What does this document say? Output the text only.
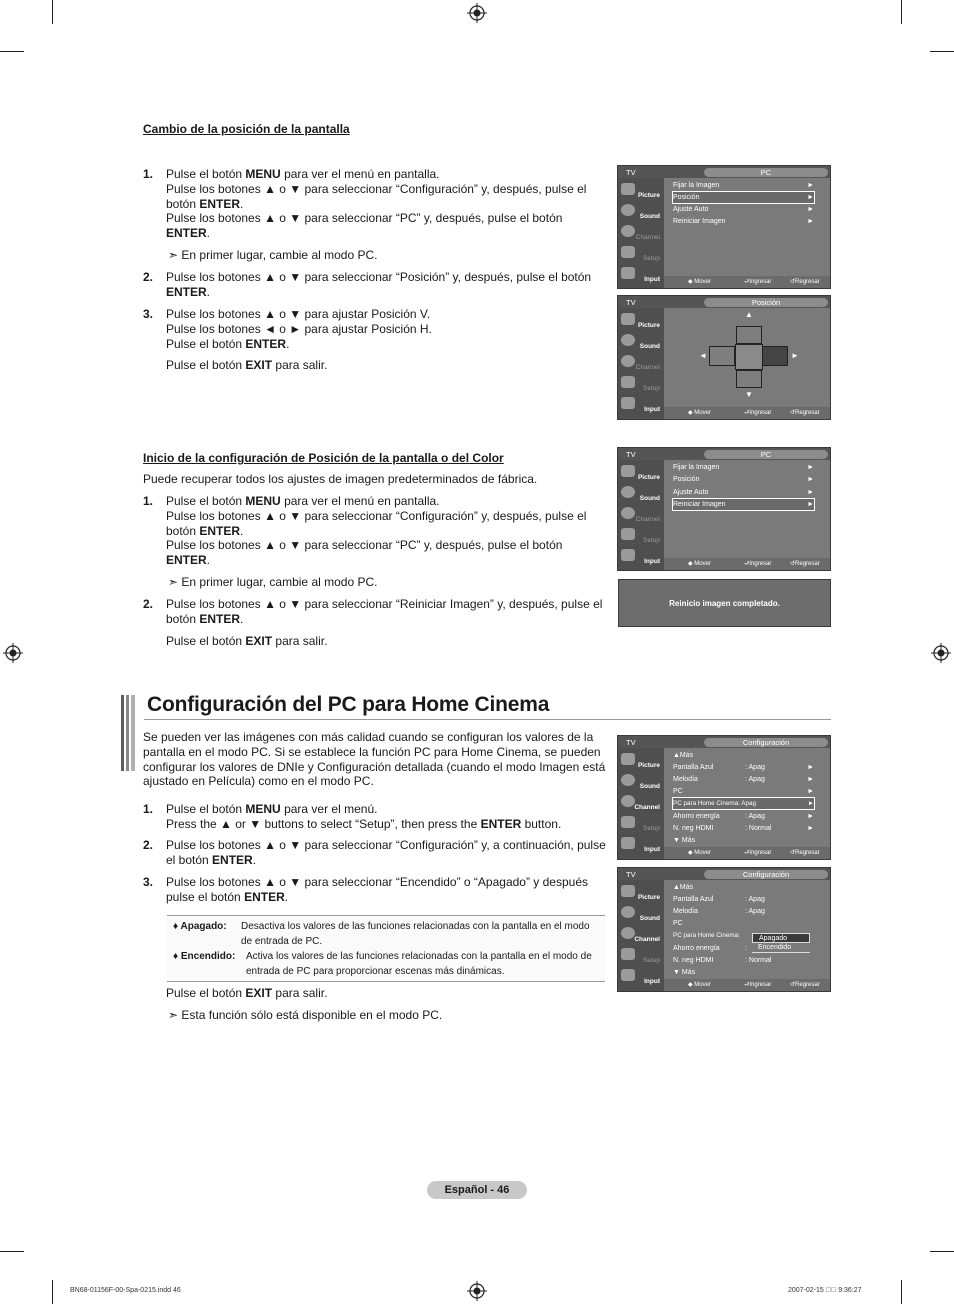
Cambio de la posición de la pantalla
1. Pulse el botón MENU para ver el menú en pantalla.
Pulse los botones ▲ o ▼ para seleccionar “Configuración” y, después, pulse el
botón ENTER.
Pulse los botones ▲ o ▼ para seleccionar “PC” y, después, pulse el botón
ENTER.
➣ En primer lugar, cambie al modo PC.
2. Pulse los botones ▲ o ▼ para seleccionar “Posición” y, después, pulse el botón
ENTER.
3. Pulse los botones ▲ o ▼ para ajustar Posición V.
Pulse los botones ◄ o ► para ajustar Posición H.
Pulse el botón ENTER.
Pulse el botón EXIT para salir.
Inicio de la configuración de Posición de la pantalla o del Color
Puede recuperar todos los ajustes de imagen predeterminados de fábrica.
1. Pulse el botón MENU para ver el menú en pantalla.
Pulse los botones ▲ o ▼ para seleccionar “Configuración” y, después, pulse el
botón ENTER.
Pulse los botones ▲ o ▼ para seleccionar “PC” y, después, pulse el botón
ENTER.
➣ En primer lugar, cambie al modo PC.
2. Pulse los botones ▲ o ▼ para seleccionar “Reiniciar Imagen” y, después, pulse el
botón ENTER.
Pulse el botón EXIT para salir.
Configuración del PC para Home Cinema
Se pueden ver las imágenes con más calidad cuando se configuran los valores de la
pantalla en el modo PC. Si se establece la función PC para Home Cinema, se pueden
configurar los valores de DNIe y Configuración detallada (cuando el modo Imagen está
ajustado en Película) como en el modo PC.
1. Pulse el botón MENU para ver el menú.
Press the ▲ or ▼ buttons to select “Setup”, then press the ENTER button.
2. Pulse los botones ▲ o ▼ para seleccionar “Configuración” y, a continuación, pulse
el botón ENTER.
3. Pulse los botones ▲ o ▼ para seleccionar “Encendido” o “Apagado” y después
pulse el botón ENTER.
♦ Apagado: Desactiva los valores de las funciones relacionadas con la pantalla en el modo
de entrada de PC.
♦ Encendido: Activa los valores de las funciones relacionadas con la pantalla en el modo de
entrada de PC para proporcionar escenas más dinámicas.
Pulse el botón EXIT para salir.
➣ Esta función sólo está disponible en el modo PC.
TV	PC
Picture
Sound
Channel
Setup
Input
Fijar la Imagen	►
Posición	►
Ajuste Auto	►
Reiniciar Imagen	►
◆ Mover	⮐ Ingresar	↺ Regresar
TV	Posición
Picture
Sound
Channel
Setup
Input
▲
▼
◄	►
◆ Mover	⮐ Ingresar	↺ Regresar
TV	PC
Picture
Sound
Channel
Setup
Input
Fijar la Imagen	►
Posición	►
Ajuste Auto	►
Reiniciar Imagen	►
◆ Mover	⮐ Ingresar	↺ Regresar
Reinicio imagen completado.
TV	Configuración
Picture
Sound
Channel
Setup
Input
▲Más
Pantalla Azul	: Apag	►
Melodía	: Apag	►
PC	►
PC para Home Cinema: Apag	►
Ahorro energía	: Apag	►
N. neg HDMI	: Normal	►
▼ Más
◆ Mover	⮐ Ingresar	↺ Regresar
TV	Configuración
Picture
Sound
Channel
Setup
Input
▲Más
Pantalla Azul	: Apag
Melodía	: Apag
PC
PC para Home Cinema:
Ahorro energía	:
N. neg HDMI	: Normal
▼ Más
Apagado
Encendido
◆ Mover	⮐ Ingresar	↺ Regresar
Español - 46
BN68-01156F-00-Spa-0215.indd 46	2007-02-15 ￿￿ 9:36:27
